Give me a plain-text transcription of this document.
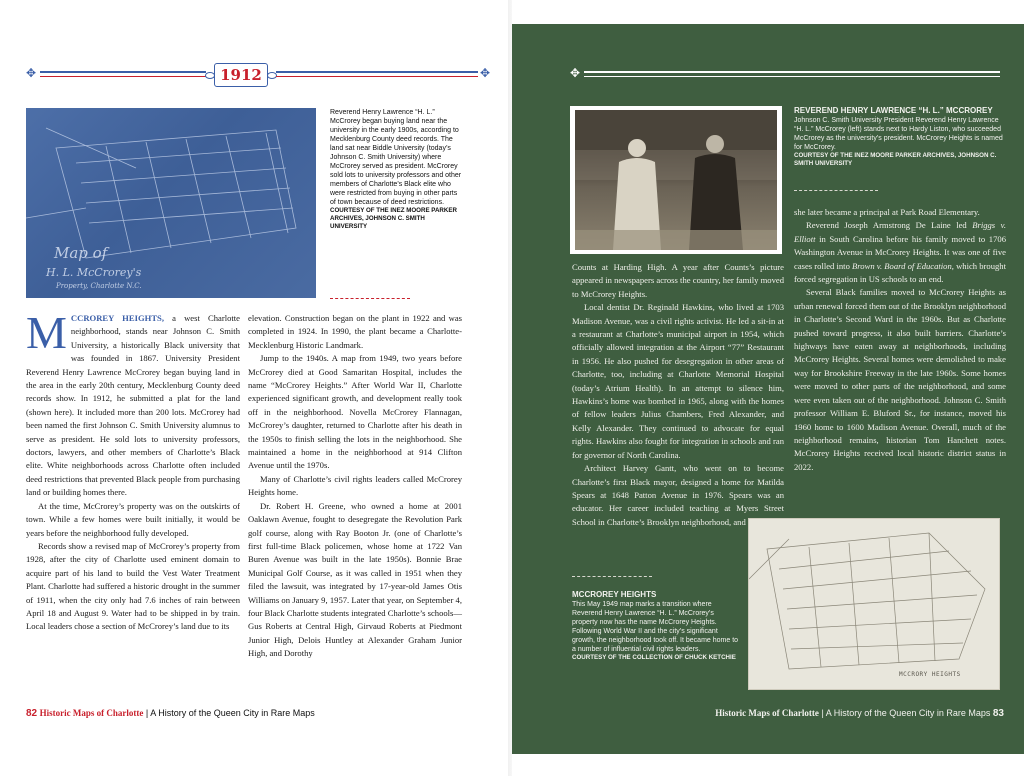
✥	1912	✥
Map of
H. L. McCrorey's
Property, Charlotte N.C.
Reverend Henry Lawrence “H. L.” McCrorey began buying land near the university in the early 1900s, according to Mecklenburg County deed records. The land sat near Biddle University (today’s Johnson C. Smith University) where McCrorey served as president. McCrorey sold lots to university professors and other members of Charlotte’s Black elite who were restricted from buying in other parts of town because of deed restrictions.
COURTESY OF THE INEZ MOORE PARKER ARCHIVES, JOHNSON C. SMITH UNIVERSITY

MCCROREY HEIGHTS, a west Charlotte neighborhood, stands near Johnson C. Smith University, a historically Black university that was founded in 1867. University President Reverend Henry Lawrence McCrorey began buying land in the area in the early 20th century, Mecklenburg County deed records show. In 1912, he submitted a plat for the land (shown here). It included more than 200 lots. McCrorey had been named the first Johnson C. Smith University alumnus to serve as president. He sold lots to university professors, doctors, lawyers, and other members of Charlotte’s Black elite. White neighborhoods across Charlotte often included deed restrictions that prevented Black people from purchasing land or building homes there.

At the time, McCrorey’s property was on the outskirts of town. While a few homes were built initially, it would be years before the neighborhood fully developed.

Records show a revised map of McCrorey’s property from 1928, after the city of Charlotte used eminent domain to acquire part of his land to build the Vest Water Treatment Plant. Charlotte had suffered a historic drought in the summer of 1911, when the city only had 7.6 inches of rain between April 18 and August 9. Water had to be shipped in by train. Local leaders chose a section of McCrorey’s land due to its

elevation. Construction began on the plant in 1922 and was completed in 1924. In 1990, the plant became a Charlotte-Mecklenburg Historic Landmark.

Jump to the 1940s. A map from 1949, two years before McCrorey died at Good Samaritan Hospital, includes the name “McCrorey Heights.” After World War II, Charlotte experienced significant growth, and development really took off in the neighborhood. Novella McCrorey Flannagan, McCrorey’s daughter, returned to Charlotte after his death in the 1950s to finish selling the lots in the neighborhood. She maintained a home in the neighborhood at 914 Clifton Avenue until the 1970s.

Many of Charlotte’s civil rights leaders called McCrorey Heights home.

Dr. Robert H. Greene, who owned a home at 2001 Oaklawn Avenue, fought to desegregate the Revolution Park golf course, along with Ray Booton Jr. (one of Charlotte’s first full-time Black policemen, whose home at 1722 Van Buren Avenue was built in the late 1950s). Bonnie Brae Municipal Golf Course, as it was called in 1951 when they filed the lawsuit, was integrated by 17-year-old James Otis Williams on January 9, 1957. Later that year, on September 4, four Black Charlotte students integrated Charlotte’s schools—Gus Roberts at Central High, Girvaud Roberts at Piedmont Junior High, Delois Huntley at Alexander Graham Junior High, and Dorothy

82 Historic Maps of Charlotte | A History of the Queen City in Rare Maps
✥
REVEREND HENRY LAWRENCE “H. L.” MCCROREY
Johnson C. Smith University President Reverend Henry Lawrence “H. L.” McCrorey (left) stands next to Hardy Liston, who succeeded McCrorey as the university’s president. McCrorey Heights is named for McCrorey.
COURTESY OF THE INEZ MOORE PARKER ARCHIVES, JOHNSON C. SMITH UNIVERSITY

Counts at Harding High. A year after Counts’s picture appeared in newspapers across the country, her family moved to McCrorey Heights.

Local dentist Dr. Reginald Hawkins, who lived at 1703 Madison Avenue, was a civil rights activist. He led a sit-in at a restaurant at Charlotte’s municipal airport in 1954, which officially allowed integration at the Airport “77” Restaurant in 1956. He also pushed for desegregation in other areas of Charlotte, too, including at Charlotte Memorial Hospital (today’s Atrium Health). In an attempt to silence him, Hawkins’s home was bombed in 1965, along with the homes of fellow leaders Julius Chambers, Fred Alexander, and Kelly Alexander. They continued to advocate for equal rights. Hawkins also fought for integration in schools and ran for governor of North Carolina.

Architect Harvey Gantt, who went on to become Charlotte’s first Black mayor, designed a home for Matilda Spears at 1648 Patton Avenue in 1976. Spears was an educator. Her career included teaching at Myers Street School in Charlotte’s Brooklyn neighborhood, and

she later became a principal at Park Road Elementary.

Reverend Joseph Armstrong De Laine led Briggs v. Elliott in South Carolina before his family moved to 1706 Washington Avenue in McCrorey Heights. It was one of five cases rolled into Brown v. Board of Education, which brought forced segregation in US schools to an end.

Several Black families moved to McCrorey Heights as urban renewal forced them out of the Brooklyn neighborhood in Charlotte’s Second Ward in the 1960s. But as Charlotte pushed toward progress, it also built barriers. Charlotte’s highways have eaten away at neighborhoods, including McCrorey Heights. Several homes were demolished to make way for Brookshire Freeway in the late 1960s. Some homes were moved to other parts of the neighborhood, and some were even taken out of the neighborhood. Johnson C. Smith professor William E. Bluford Sr., for instance, moved his 1960 home to 1600 Madison Avenue. Overall, much of the neighborhood remains, historian Tom Hanchett notes. McCrorey Heights received local historic district status in 2022.

MCCROREY HEIGHTS
This May 1949 map marks a transition where Reverend Henry Lawrence “H. L.” McCrorey’s property now has the name McCrorey Heights. Following World War II and the city’s significant growth, the neighborhood took off. It became home to a number of influential civil rights leaders.
COURTESY OF THE COLLECTION OF CHUCK KETCHIE
Historic Maps of Charlotte | A History of the Queen City in Rare Maps 83
MCCRORY HEIGHTS
